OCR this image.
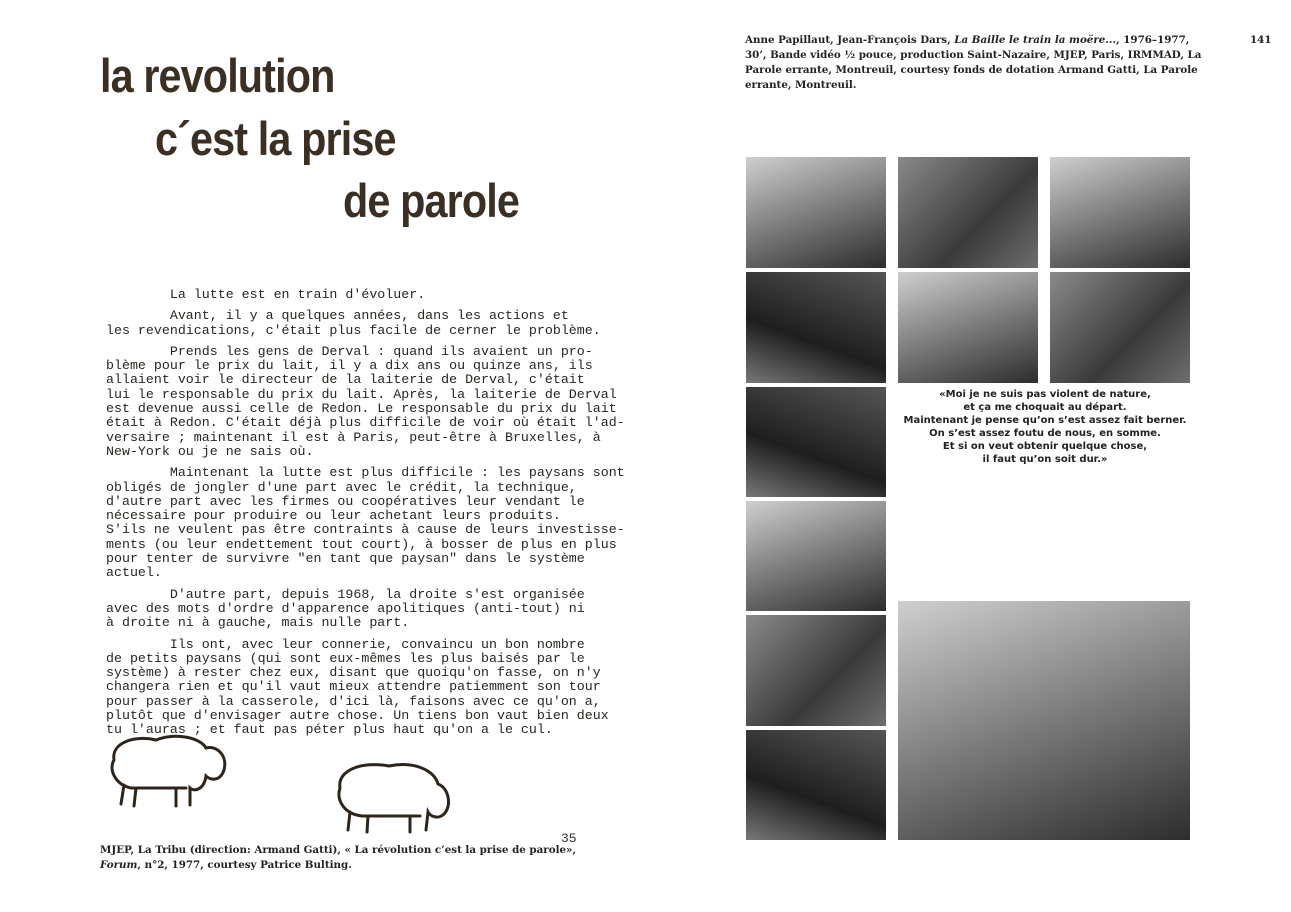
la revolution
c´est la prise
de parole
La lutte est en train d'évoluer.
Avant, il y a quelques années, dans les actions et
les revendications, c'était plus facile de cerner le problème.
Prends les gens de Derval : quand ils avaient un pro-
blème pour le prix du lait, il y a dix ans ou quinze ans, ils
allaient voir le directeur de la laiterie de Derval, c'était
lui le responsable du prix du lait. Après, la laiterie de Derval
est devenue aussi celle de Redon. Le responsable du prix du lait
était à Redon. C'était déjà plus difficile de voir où était l'ad-
versaire ; maintenant il est à Paris, peut-être à Bruxelles, à
New-York ou je ne sais où.
Maintenant la lutte est plus difficile : les paysans sont
obligés de jongler d'une part avec le crédit, la technique,
d'autre part avec les firmes ou coopératives leur vendant le
nécessaire pour produire ou leur achetant leurs produits.
S'ils ne veulent pas être contraints à cause de leurs investisse-
ments (ou leur endettement tout court), à bosser de plus en plus
pour tenter de survivre "en tant que paysan" dans le système
actuel.
D'autre part, depuis 1968, la droite s'est organisée
avec des mots d'ordre d'apparence apolitiques (anti-tout) ni
à droite ni à gauche, mais nulle part.
Ils ont, avec leur connerie, convaincu un bon nombre
de petits paysans (qui sont eux-mêmes les plus baisés par le
système) à rester chez eux, disant que quoiqu'on fasse, on n'y
changera rien et qu'il vaut mieux attendre patiemment son tour
pour passer à la casserole, d'ici là, faisons avec ce qu'on a,
plutôt que d'envisager autre chose. Un tiens bon vaut bien deux
tu l'auras ; et faut pas péter plus haut qu'on a le cul.
35
MJEP, La Tribu (direction: Armand Gatti), « La révolution c’est la prise de parole»,
Forum, n°2, 1977, courtesy Patrice Bulting.
Anne Papillaut, Jean-François Dars, La Baille le train la moëre..., 1976–1977, 30’, Bande vidéo ½ pouce, production Saint-Nazaire, MJEP, Paris, IRMMAD, La Parole errante, Montreuil, courtesy fonds de dotation Armand Gatti, La Parole errante, Montreuil.
141
«Moi je ne suis pas violent de nature,
et ça me choquait au départ.
Maintenant je pense qu’on s’est assez fait berner.
On s’est assez foutu de nous, en somme.
Et si on veut obtenir quelque chose,
il faut qu’on soit dur.»
